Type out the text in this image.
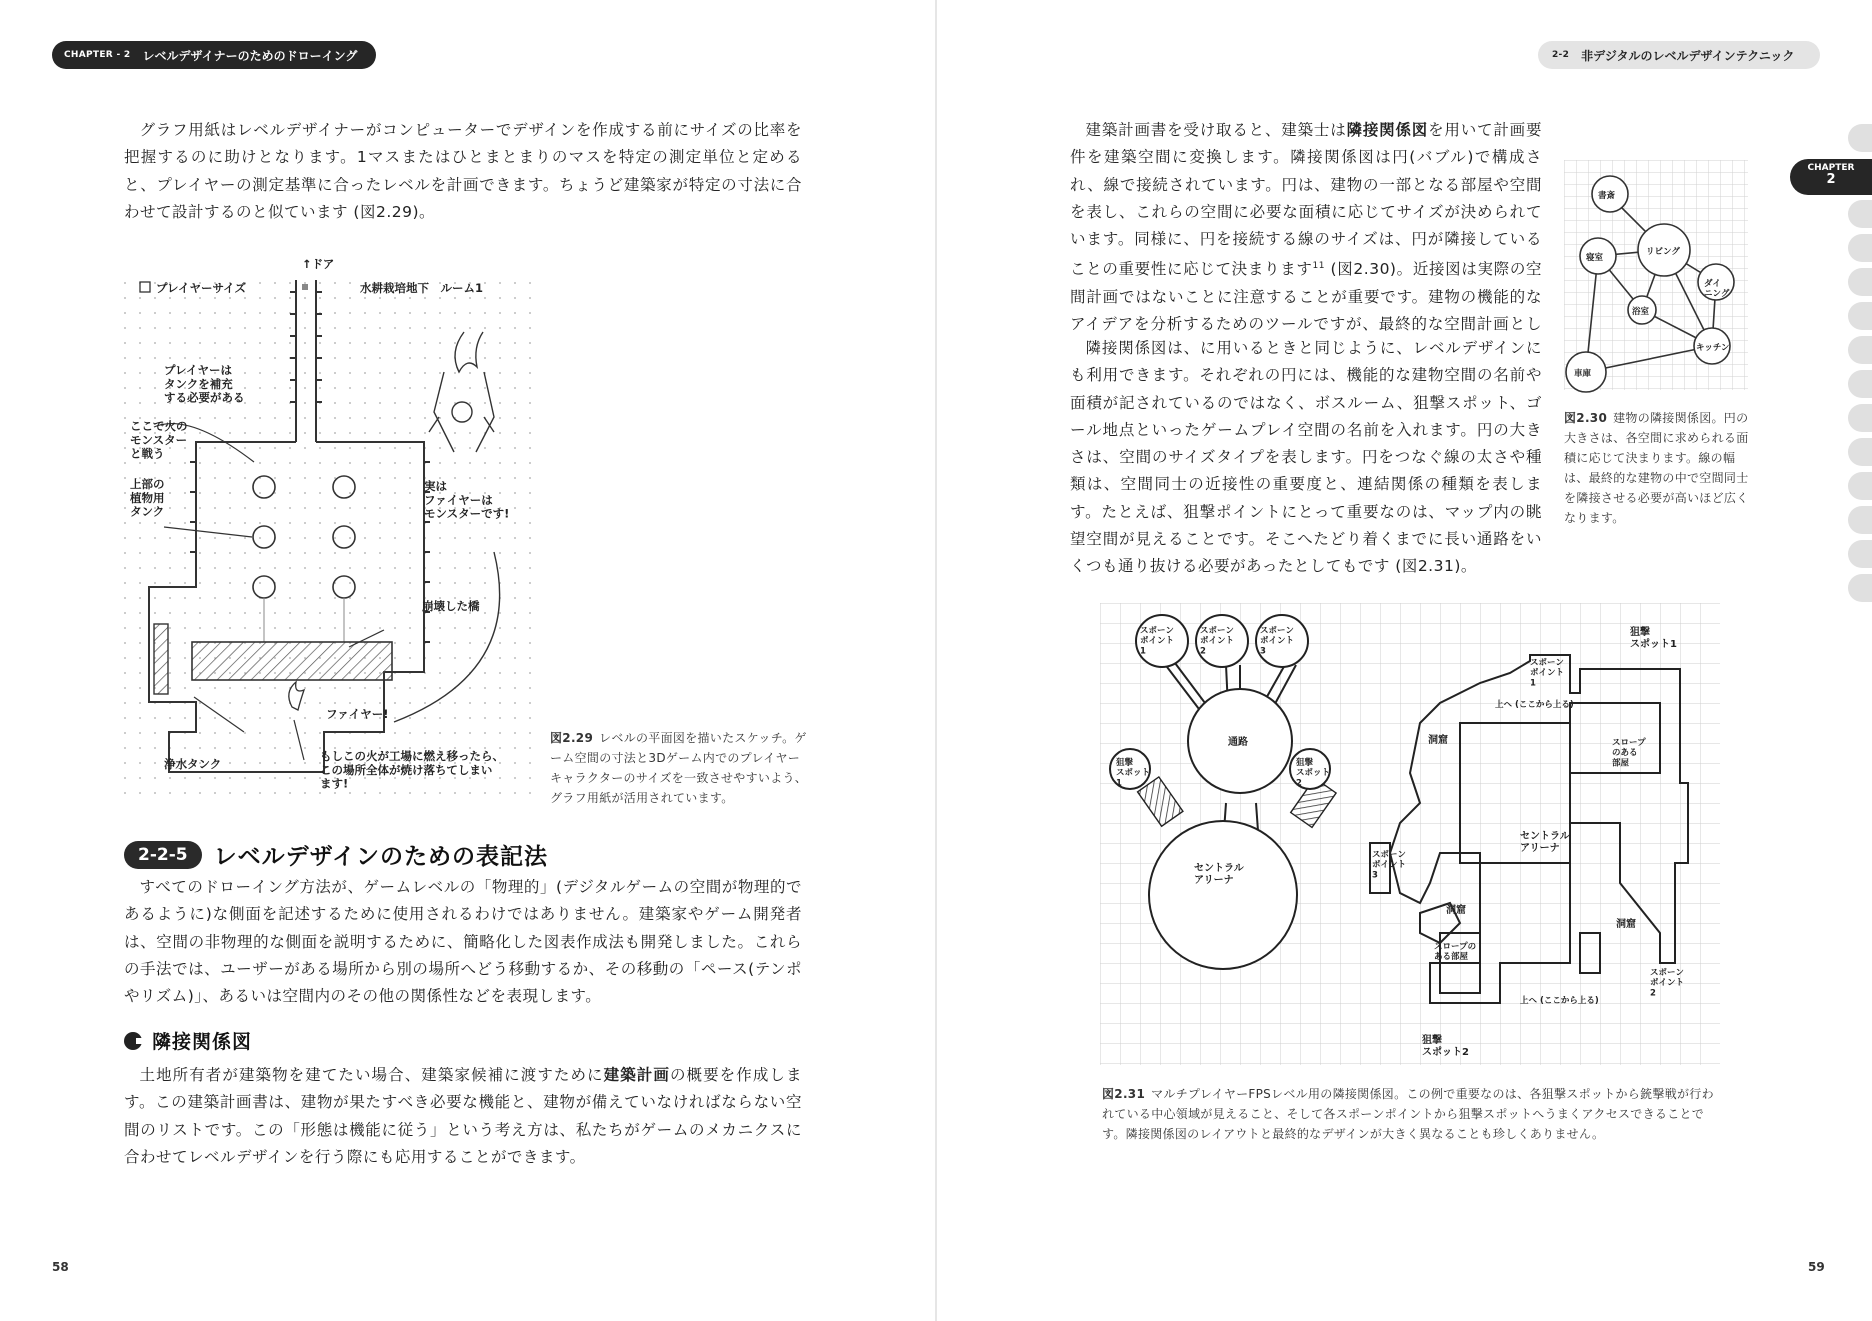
CHAPTER - 2 レベルデザイナーのためのドローイング

グラフ用紙はレベルデザイナーがコンピューターでデザインを作成する前にサイズの比率を把握するのに助けとなります。1マスまたはひとまとまりのマスを特定の測定単位と定めると、プレイヤーの測定基準に合ったレベルを計画できます。ちょうど建築家が特定の寸法に合わせて設計するのと似ています (図2.29)。

↑ドア
プレイヤーサイズ	水耕栽培地下　ルーム1
プレイヤーはタンクを補充する必要がある
ここで火のモンスターと戦う
上部の植物用タンク
実はファイヤーはモンスターです!
崩壊した橋
ファイヤー!
浄水タンク
もしこの火が工場に燃え移ったら、この場所全体が焼け落ちてしまいます!
図2.29 レベルの平面図を描いたスケッチ。ゲーム空間の寸法と3Dゲーム内でのプレイヤーキャラクターのサイズを一致させやすいよう、グラフ用紙が活用されています。
2-2-5	レベルデザインのための表記法

すべてのドローイング方法が、ゲームレベルの「物理的」(デジタルゲームの空間が物理的であるように)な側面を記述するために使用されるわけではありません。建築家やゲーム開発者は、空間の非物理的な側面を説明するために、簡略化した図表作成法も開発しました。これらの手法では、ユーザーがある場所から別の場所へどう移動するか、その移動の「ペース(テンポやリズム)」、あるいは空間内のその他の関係性などを表現します。

隣接関係図

土地所有者が建築物を建てたい場合、建築家候補に渡すために建築計画の概要を作成します。この建築計画書は、建物が果たすべき必要な機能と、建物が備えていなければならない空間のリストです。この「形態は機能に従う」という考え方は、私たちがゲームのメカニクスに合わせてレベルデザインを行う際にも応用することができます。

58
2-2 非デジタルのレベルデザインテクニック
CHAPTER
2

建築計画書を受け取ると、建築士は隣接関係図を用いて計画要件を建築空間に変換します。隣接関係図は円(バブル)で構成され、線で接続されています。円は、建物の一部となる部屋や空間を表し、これらの空間に必要な面積に応じてサイズが決められています。同様に、円を接続する線のサイズは、円が隣接していることの重要性に応じて決まります$^{11}$ (図2.30)。近接図は実際の空間計画ではないことに注意することが重要です。建物の機能的なアイデアを分析するためのツールですが、最終的な空間計画とし

隣接関係図は、に用いるときと同じように、レベルデザインにも利用できます。それぞれの円には、機能的な建物空間の名前や面積が記されているのではなく、ボスルーム、狙撃スポット、ゴール地点といったゲームプレイ空間の名前を入れます。円の大きさは、空間のサイズタイプを表します。円をつなぐ線の太さや種類は、空間同士の近接性の重要度と、連結関係の種類を表します。たとえば、狙撃ポイントにとって重要なのは、マップ内の眺望空間が見えることです。そこへたどり着くまでに長い通路をいくつも通り抜ける必要があったとしてもです (図2.31)。

書斎
寝室
リビング
ダイニング
浴室
キッチン
車庫
図2.30 建物の隣接関係図。円の大きさは、各空間に求められる面積に応じて決まります。線の幅は、最終的な建物の中で空間同士を隣接させる必要が高いほど広くなります。
スポーンポイント 1
スポーンポイント 2
スポーンポイント 3
通路
狙撃スポット 1
狙撃スポット 2
セントラルアリーナ
スポーンポイント 1
狙撃スポット1
上へ (ここから上る)
洞窟	スロープのある部屋
セントラルアリーナ
スポーンポイント 3
洞窟
洞窟
スロープのある部屋
上へ (ここから上る)
スポーンポイント 2
狙撃スポット2
図2.31 マルチプレイヤーFPSレベル用の隣接関係図。この例で重要なのは、各狙撃スポットから銃撃戦が行われている中心領域が見えること、そして各スポーンポイントから狙撃スポットへうまくアクセスできることです。隣接関係図のレイアウトと最終的なデザインが大きく異なることも珍しくありません。
59
